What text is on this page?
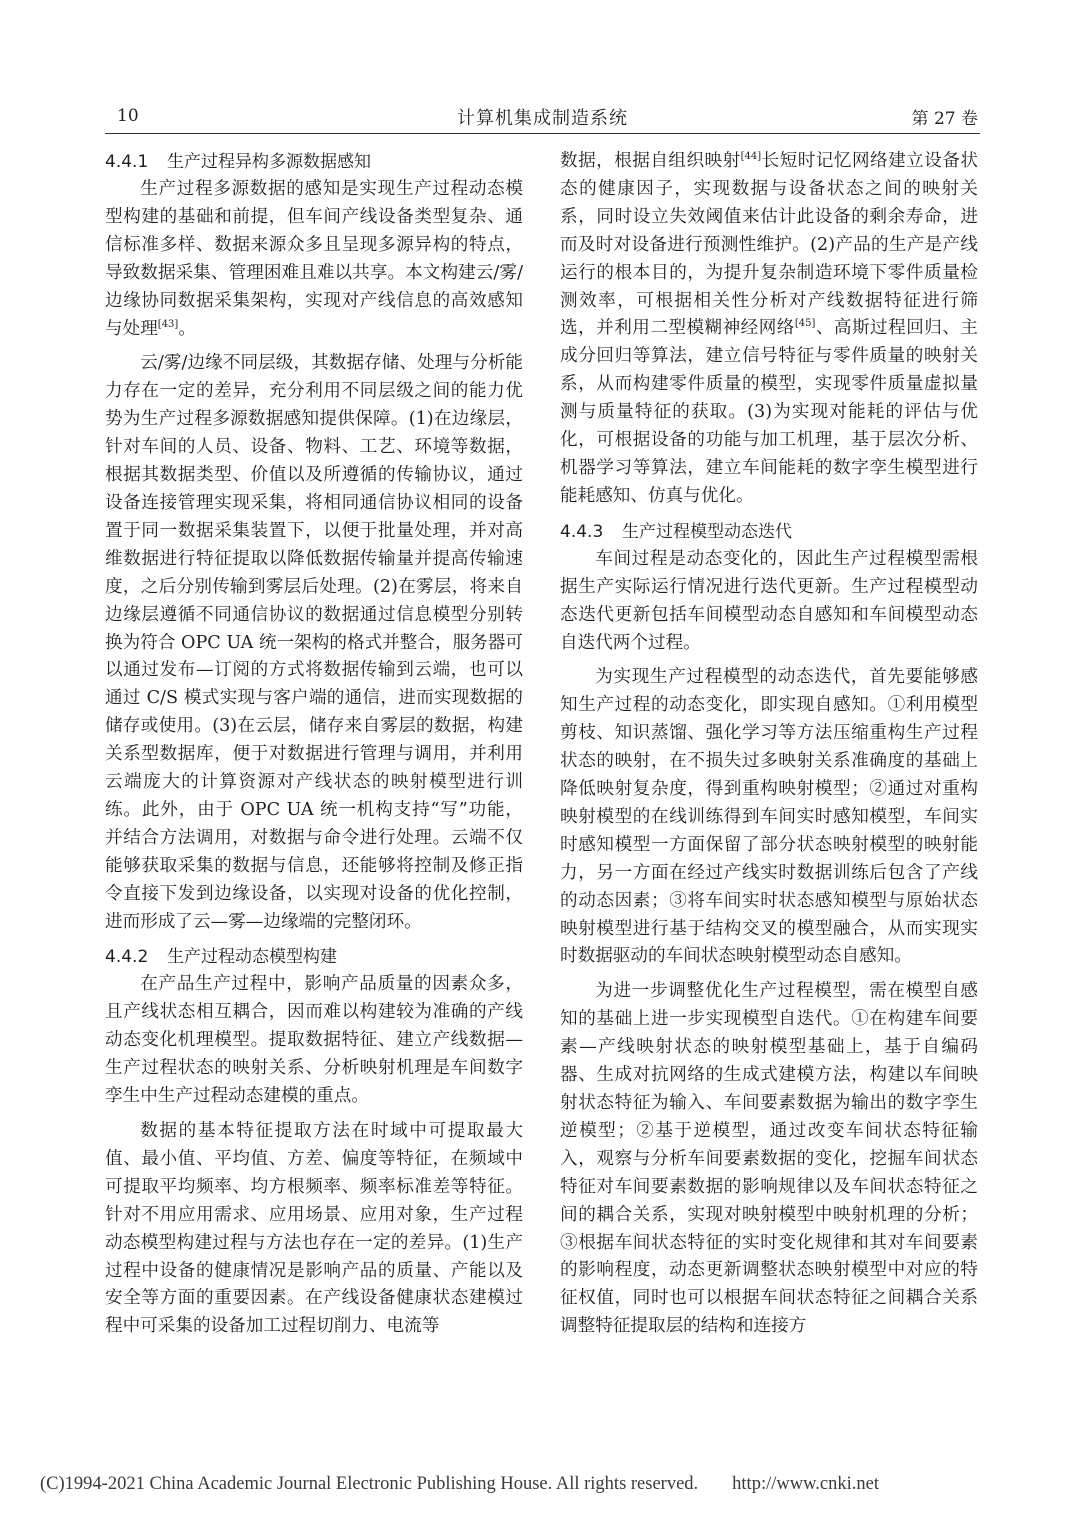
10	计算机集成制造系统	第 27 卷
4.4.1 生产过程异构多源数据感知

生产过程多源数据的感知是实现生产过程动态模型构建的基础和前提，但车间产线设备类型复杂、通信标准多样、数据来源众多且呈现多源异构的特点，导致数据采集、管理困难且难以共享。本文构建云/雾/边缘协同数据采集架构，实现对产线信息的高效感知与处理[43]。

云/雾/边缘不同层级，其数据存储、处理与分析能力存在一定的差异，充分利用不同层级之间的能力优势为生产过程多源数据感知提供保障。(1)在边缘层，针对车间的人员、设备、物料、工艺、环境等数据，根据其数据类型、价值以及所遵循的传输协议，通过设备连接管理实现采集，将相同通信协议相同的设备置于同一数据采集装置下，以便于批量处理，并对高维数据进行特征提取以降低数据传输量并提高传输速度，之后分别传输到雾层后处理。(2)在雾层，将来自边缘层遵循不同通信协议的数据通过信息模型分别转换为符合 OPC UA 统一架构的格式并整合，服务器可以通过发布—订阅的方式将数据传输到云端，也可以通过 C/S 模式实现与客户端的通信，进而实现数据的储存或使用。(3)在云层，储存来自雾层的数据，构建关系型数据库，便于对数据进行管理与调用，并利用云端庞大的计算资源对产线状态的映射模型进行训练。此外，由于 OPC UA 统一机构支持“写”功能，并结合方法调用，对数据与命令进行处理。云端不仅能够获取采集的数据与信息，还能够将控制及修正指令直接下发到边缘设备，以实现对设备的优化控制，进而形成了云—雾—边缘端的完整闭环。

4.4.2 生产过程动态模型构建

在产品生产过程中，影响产品质量的因素众多，且产线状态相互耦合，因而难以构建较为准确的产线动态变化机理模型。提取数据特征、建立产线数据—生产过程状态的映射关系、分析映射机理是车间数字孪生中生产过程动态建模的重点。

数据的基本特征提取方法在时域中可提取最大值、最小值、平均值、方差、偏度等特征，在频域中可提取平均频率、均方根频率、频率标准差等特征。针对不用应用需求、应用场景、应用对象，生产过程动态模型构建过程与方法也存在一定的差异。(1)生产过程中设备的健康情况是影响产品的质量、产能以及安全等方面的重要因素。在产线设备健康状态建模过程中可采集的设备加工过程切削力、电流等

数据，根据自组织映射[44]长短时记忆网络建立设备状态的健康因子，实现数据与设备状态之间的映射关系，同时设立失效阈值来估计此设备的剩余寿命，进而及时对设备进行预测性维护。(2)产品的生产是产线运行的根本目的，为提升复杂制造环境下零件质量检测效率，可根据相关性分析对产线数据特征进行筛选，并利用二型模糊神经网络[45]、高斯过程回归、主成分回归等算法，建立信号特征与零件质量的映射关系，从而构建零件质量的模型，实现零件质量虚拟量测与质量特征的获取。(3)为实现对能耗的评估与优化，可根据设备的功能与加工机理，基于层次分析、机器学习等算法，建立车间能耗的数字孪生模型进行能耗感知、仿真与优化。

4.4.3 生产过程模型动态迭代

车间过程是动态变化的，因此生产过程模型需根据生产实际运行情况进行迭代更新。生产过程模型动态迭代更新包括车间模型动态自感知和车间模型动态自迭代两个过程。

为实现生产过程模型的动态迭代，首先要能够感知生产过程的动态变化，即实现自感知。①利用模型剪枝、知识蒸馏、强化学习等方法压缩重构生产过程状态的映射，在不损失过多映射关系准确度的基础上降低映射复杂度，得到重构映射模型；②通过对重构映射模型的在线训练得到车间实时感知模型，车间实时感知模型一方面保留了部分状态映射模型的映射能力，另一方面在经过产线实时数据训练后包含了产线的动态因素；③将车间实时状态感知模型与原始状态映射模型进行基于结构交叉的模型融合，从而实现实时数据驱动的车间状态映射模型动态自感知。

为进一步调整优化生产过程模型，需在模型自感知的基础上进一步实现模型自迭代。①在构建车间要素—产线映射状态的映射模型基础上，基于自编码器、生成对抗网络的生成式建模方法，构建以车间映射状态特征为输入、车间要素数据为输出的数字孪生逆模型；②基于逆模型，通过改变车间状态特征输入，观察与分析车间要素数据的变化，挖掘车间状态特征对车间要素数据的影响规律以及车间状态特征之间的耦合关系，实现对映射模型中映射机理的分析；③根据车间状态特征的实时变化规律和其对车间要素的影响程度，动态更新调整状态映射模型中对应的特征权值，同时也可以根据车间状态特征之间耦合关系调整特征提取层的结构和连接方

(C)1994-2021 China Academic Journal Electronic Publishing House. All rights reserved. http://www.cnki.net
